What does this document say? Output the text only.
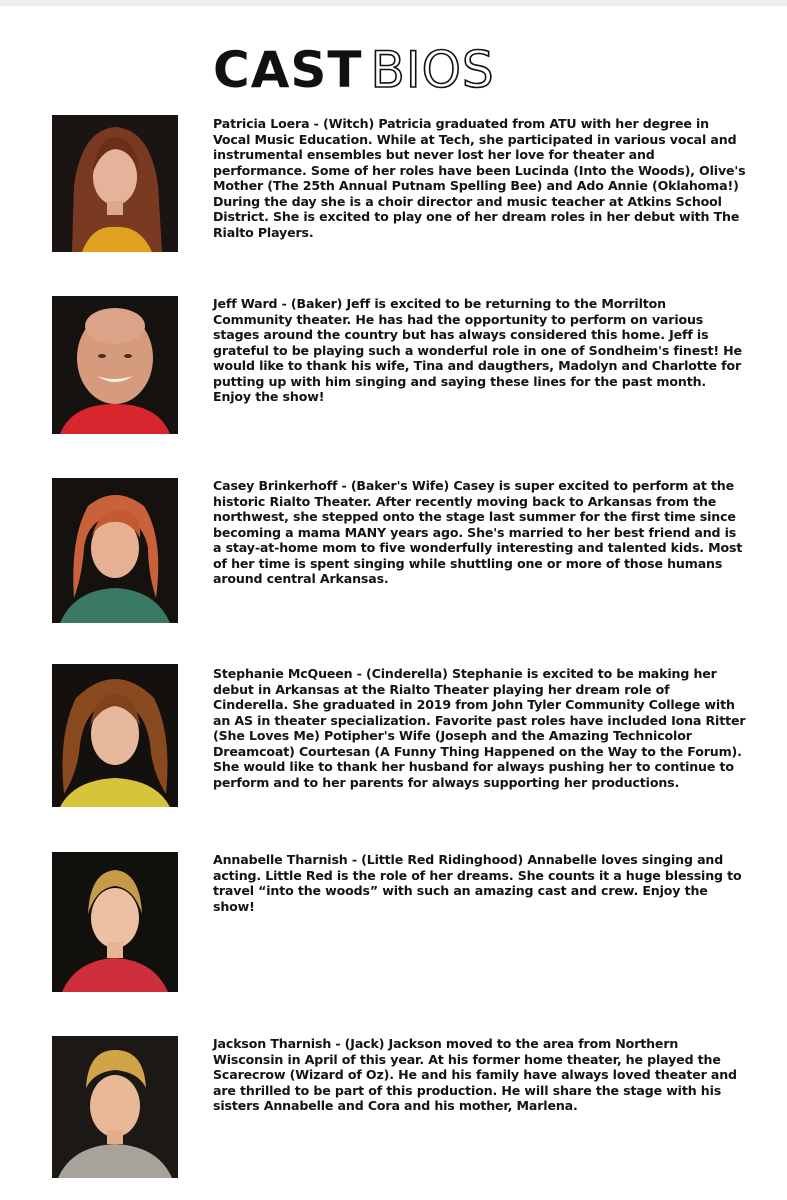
CAST BIOS

Patricia Loera - (Witch) Patricia graduated from ATU with her degree in Vocal Music Education. While at Tech, she participated in various vocal and instrumental ensembles but never lost her love for theater and performance. Some of her roles have been Lucinda (Into the Woods), Olive's Mother (The 25th Annual Putnam Spelling Bee) and Ado Annie (Oklahoma!) During the day she is a choir director and music teacher at Atkins School District. She is excited to play one of her dream roles in her debut with The Rialto Players.

Jeff Ward - (Baker) Jeff is excited to be returning to the Morrilton Community theater. He has had the opportunity to perform on various stages around the country but has always considered this home. Jeff is grateful to be playing such a wonderful role in one of Sondheim's finest! He would like to thank his wife, Tina and daugthers, Madolyn and Charlotte for putting up with him singing and saying these lines for the past month. Enjoy the show!

Casey Brinkerhoff - (Baker's Wife) Casey is super excited to perform at the historic Rialto Theater. After recently moving back to Arkansas from the northwest, she stepped onto the stage last summer for the first time since becoming a mama MANY years ago. She's married to her best friend and is a stay-at-home mom to five wonderfully interesting and talented kids. Most of her time is spent singing while shuttling one or more of those humans around central Arkansas.

Stephanie McQueen - (Cinderella) Stephanie is excited to be making her debut in Arkansas at the Rialto Theater playing her dream role of Cinderella. She graduated in 2019 from John Tyler Community College with an AS in theater specialization. Favorite past roles have included Iona Ritter (She Loves Me) Potipher's Wife (Joseph and the Amazing Technicolor Dreamcoat) Courtesan (A Funny Thing Happened on the Way to the Forum). She would like to thank her husband for always pushing her to continue to perform and to her parents for always supporting her productions.

Annabelle Tharnish - (Little Red Ridinghood) Annabelle loves singing and acting. Little Red is the role of her dreams. She counts it a huge blessing to travel “into the woods” with such an amazing cast and crew. Enjoy the show!

Jackson Tharnish - (Jack) Jackson moved to the area from Northern Wisconsin in April of this year. At his former home theater, he played the Scarecrow (Wizard of Oz). He and his family have always loved theater and are thrilled to be part of this production. He will share the stage with his sisters Annabelle and Cora and his mother, Marlena.
